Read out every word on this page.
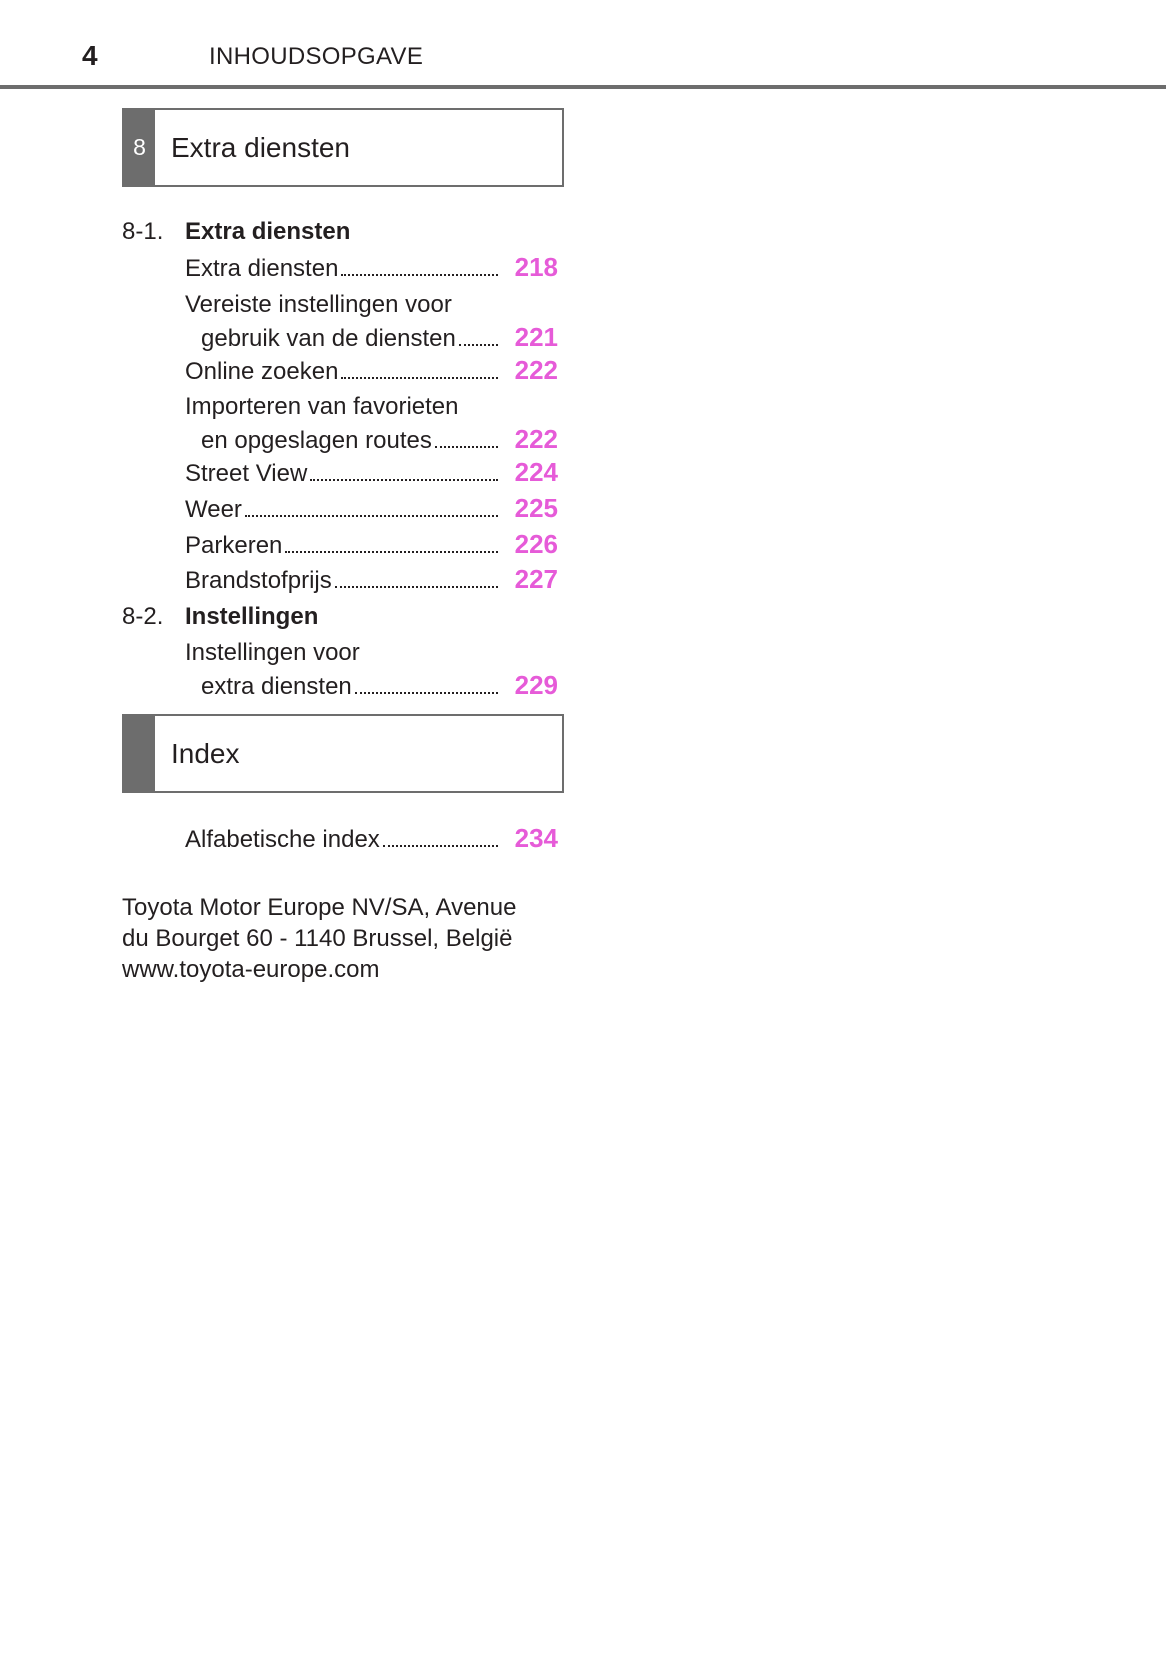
4	INHOUDSOPGAVE
8 Extra diensten
8-1. Extra diensten
Extra diensten	218
Vereiste instellingen voor
gebruik van de diensten	221
Online zoeken	222
Importeren van favorieten
en opgeslagen routes	222
Street View	224
Weer	225
Parkeren	226
Brandstofprijs	227
8-2. Instellingen
Instellingen voor
extra diensten	229
Index
Alfabetische index	234
Toyota Motor Europe NV/SA, Avenue
du Bourget 60 - 1140 Brussel, België
www.toyota-europe.com
